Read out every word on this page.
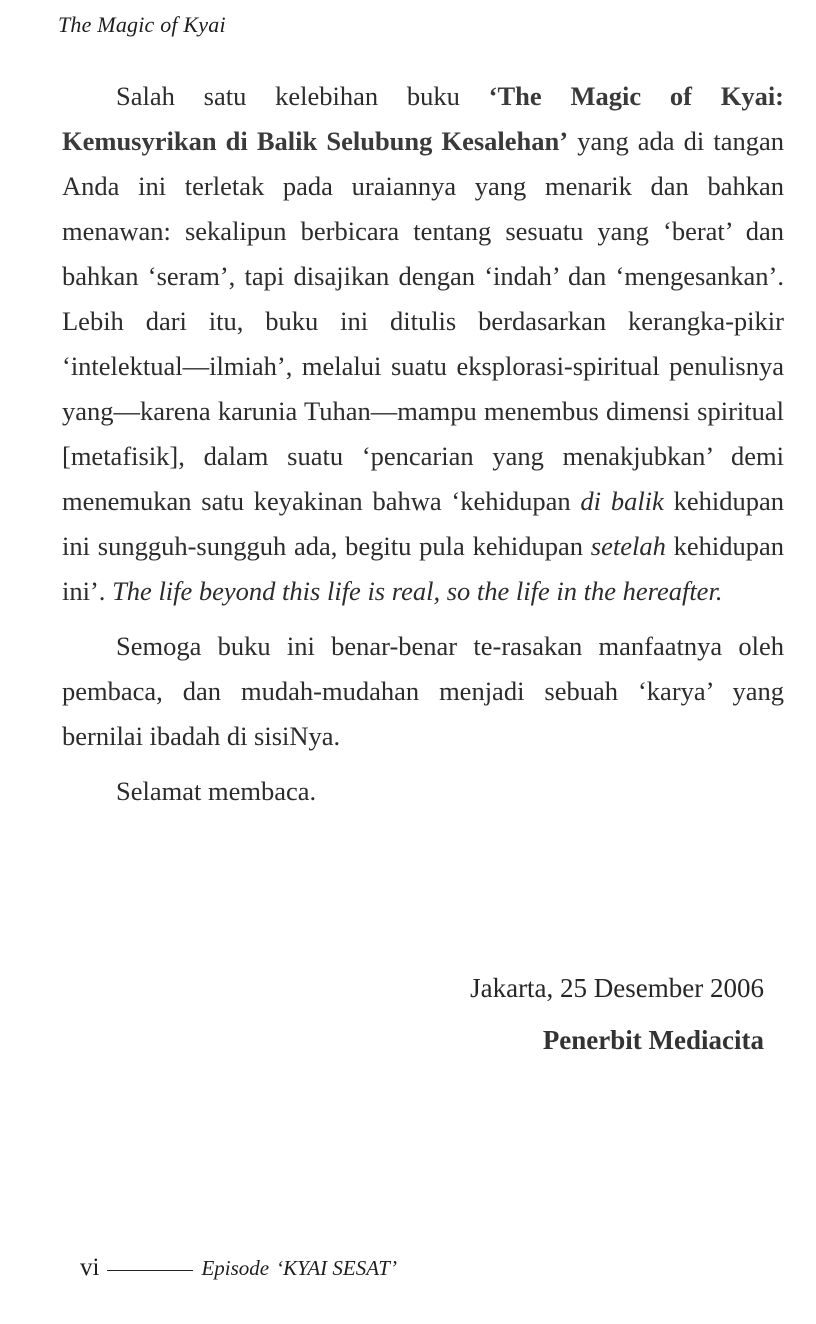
The Magic of Kyai

Salah satu kelebihan buku ‘The Magic of Kyai: Kemusyrikan di Balik Selubung Kesalehan’ yang ada di tangan Anda ini terletak pada uraiannya yang menarik dan bahkan menawan: sekalipun berbicara tentang sesuatu yang ‘berat’ dan bahkan ‘seram’, tapi disajikan dengan ‘indah’ dan ‘mengesankan’. Lebih dari itu, buku ini ditulis berdasarkan kerangka-pikir ‘intelektual—ilmiah’, melalui suatu eksplorasi-spiritual penulisnya yang—karena karunia Tuhan—mampu menembus dimensi spiritual [metafisik], dalam suatu ‘pencarian yang menakjubkan’ demi menemukan satu keyakinan bahwa ‘kehidupan di balik kehidupan ini sungguh-sungguh ada, begitu pula kehidupan setelah kehidupan ini’. The life beyond this life is real, so the life in the hereafter.

Semoga buku ini benar-benar te-rasakan manfaatnya oleh pembaca, dan mudah-mudahan menjadi sebuah ‘karya’ yang bernilai ibadah di sisiNya.

Selamat membaca.

Jakarta, 25 Desember 2006
Penerbit Mediacita
vi	Episode ‘KYAI SESAT’
